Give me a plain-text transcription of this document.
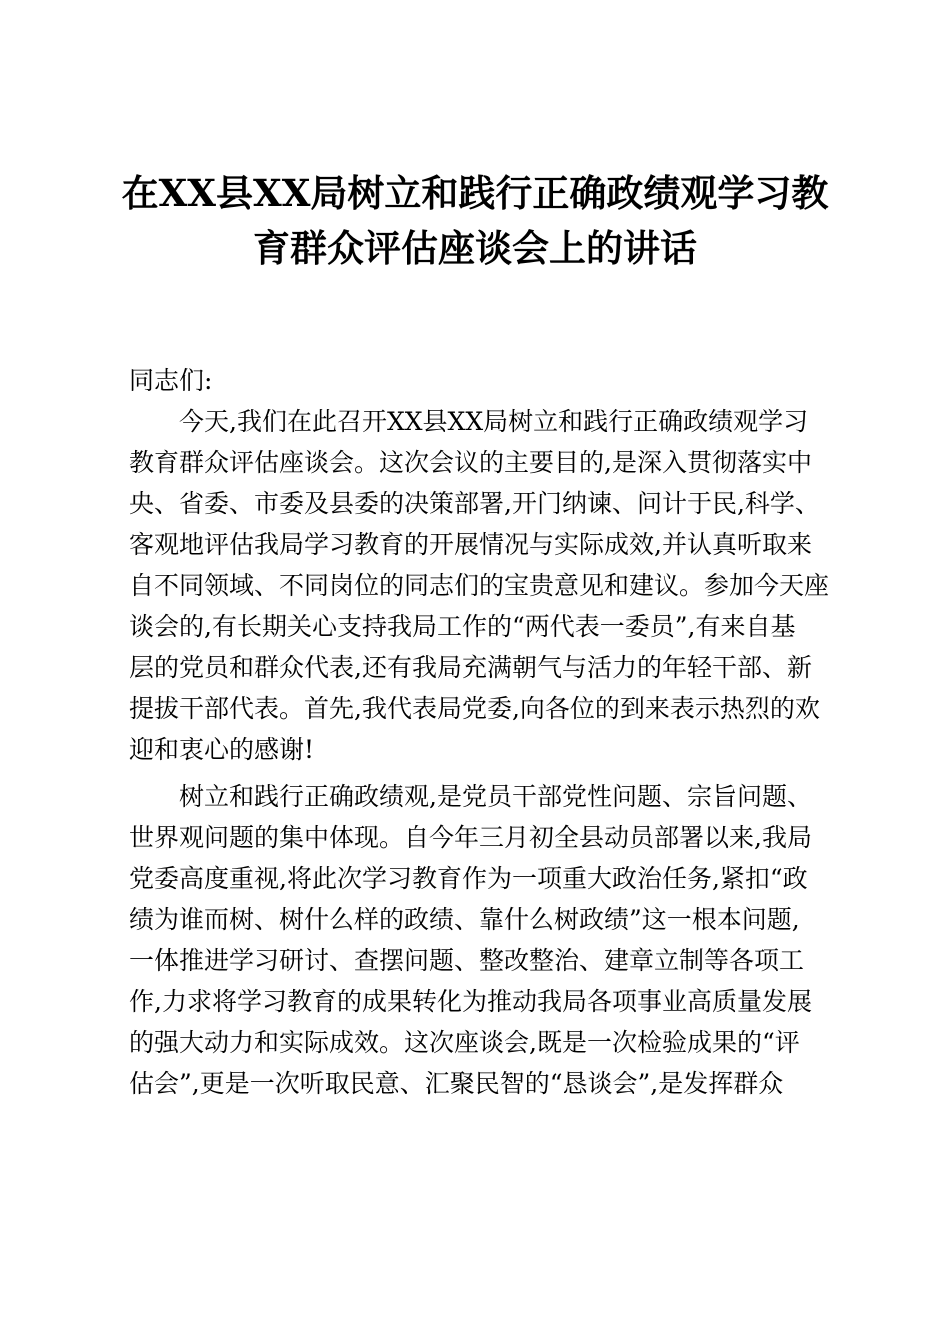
在XX县XX局树立和践行正确政绩观学习教
育群众评估座谈会上的讲话

同志们:

今天,我们在此召开XX县XX局树立和践行正确政绩观学习
教育群众评估座谈会。这次会议的主要目的,是深入贯彻落实中
央、省委、市委及县委的决策部署,开门纳谏、问计于民,科学、
客观地评估我局学习教育的开展情况与实际成效,并认真听取来
自不同领域、不同岗位的同志们的宝贵意见和建议。参加今天座
谈会的,有长期关心支持我局工作的“两代表一委员”,有来自基
层的党员和群众代表,还有我局充满朝气与活力的年轻干部、新
提拔干部代表。首先,我代表局党委,向各位的到来表示热烈的欢
迎和衷心的感谢!

树立和践行正确政绩观,是党员干部党性问题、宗旨问题、
世界观问题的集中体现。自今年三月初全县动员部署以来,我局
党委高度重视,将此次学习教育作为一项重大政治任务,紧扣“政
绩为谁而树、树什么样的政绩、靠什么树政绩”这一根本问题,
一体推进学习研讨、查摆问题、整改整治、建章立制等各项工
作,力求将学习教育的成果转化为推动我局各项事业高质量发展
的强大动力和实际成效。这次座谈会,既是一次检验成果的“评
估会”,更是一次听取民意、汇聚民智的“恳谈会”,是发挥群众
